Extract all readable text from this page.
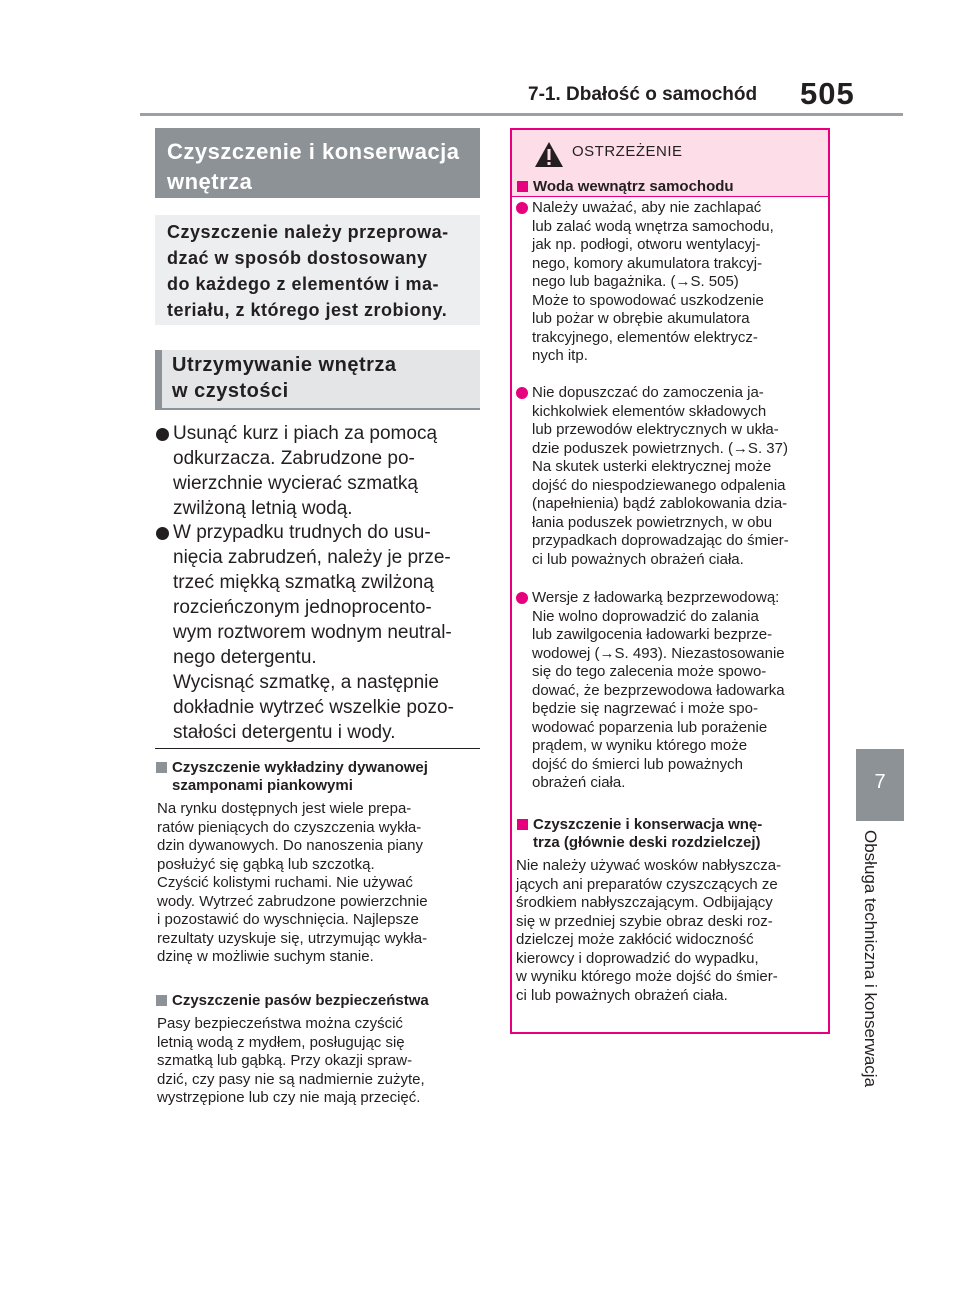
7-1. Dbałość o samochód 505
7
Obsługa techniczna i konserwacja
Czyszczenie i konserwacja
wnętrza
Czyszczenie należy przeprowa-
dzać w sposób dostosowany
do każdego z elementów i ma-
teriału, z którego jest zrobiony.
Utrzymywanie wnętrza
w czystości
Usunąć kurz i piach za pomocą
odkurzacza. Zabrudzone po-
wierzchnie wycierać szmatką
zwilżoną letnią wodą.
W przypadku trudnych do usu-
nięcia zabrudzeń, należy je prze-
trzeć miękką szmatką zwilżoną
rozcieńczonym jednoprocento-
wym roztworem wodnym neutral-
nego detergentu.
Wycisnąć szmatkę, a następnie
dokładnie wytrzeć wszelkie pozo-
stałości detergentu i wody.
Czyszczenie wykładziny dywanowej
szamponami piankowymi
Na rynku dostępnych jest wiele prepa-
ratów pieniących do czyszczenia wykła-
dzin dywanowych. Do nanoszenia piany
posłużyć się gąbką lub szczotką.
Czyścić kolistymi ruchami. Nie używać
wody. Wytrzeć zabrudzone powierzchnie
i pozostawić do wyschnięcia. Najlepsze
rezultaty uzyskuje się, utrzymując wykła-
dzinę w możliwie suchym stanie.
Czyszczenie pasów bezpieczeństwa
Pasy bezpieczeństwa można czyścić
letnią wodą z mydłem, posługując się
szmatką lub gąbką. Przy okazji spraw-
dzić, czy pasy nie są nadmiernie zużyte,
wystrzępione lub czy nie mają przecięć.
OSTRZEŻENIE
Woda wewnątrz samochodu
Należy uważać, aby nie zachlapać
lub zalać wodą wnętrza samochodu,
jak np. podłogi, otworu wentylacyj-
nego, komory akumulatora trakcyj-
nego lub bagażnika. (→S. 505)
Może to spowodować uszkodzenie
lub pożar w obrębie akumulatora
trakcyjnego, elementów elektrycz-
nych itp.
Nie dopuszczać do zamoczenia ja-
kichkolwiek elementów składowych
lub przewodów elektrycznych w ukła-
dzie poduszek powietrznych. (→S. 37)
Na skutek usterki elektrycznej może
dojść do niespodziewanego odpalenia
(napełnienia) bądź zablokowania dzia-
łania poduszek powietrznych, w obu
przypadkach doprowadzając do śmier-
ci lub poważnych obrażeń ciała.
Wersje z ładowarką bezprzewodową:
Nie wolno doprowadzić do zalania
lub zawilgocenia ładowarki bezprze-
wodowej (→S. 493). Niezastosowanie
się do tego zalecenia może spowo-
dować, że bezprzewodowa ładowarka
będzie się nagrzewać i może spo-
wodować poparzenia lub porażenie
prądem, w wyniku którego może
dojść do śmierci lub poważnych
obrażeń ciała.
Czyszczenie i konserwacja wnę-
trza (głównie deski rozdzielczej)
Nie należy używać wosków nabłyszcza-
jących ani preparatów czyszczących ze
środkiem nabłyszczającym. Odbijający
się w przedniej szybie obraz deski roz-
dzielczej może zakłócić widoczność
kierowcy i doprowadzić do wypadku,
w wyniku którego może dojść do śmier-
ci lub poważnych obrażeń ciała.
